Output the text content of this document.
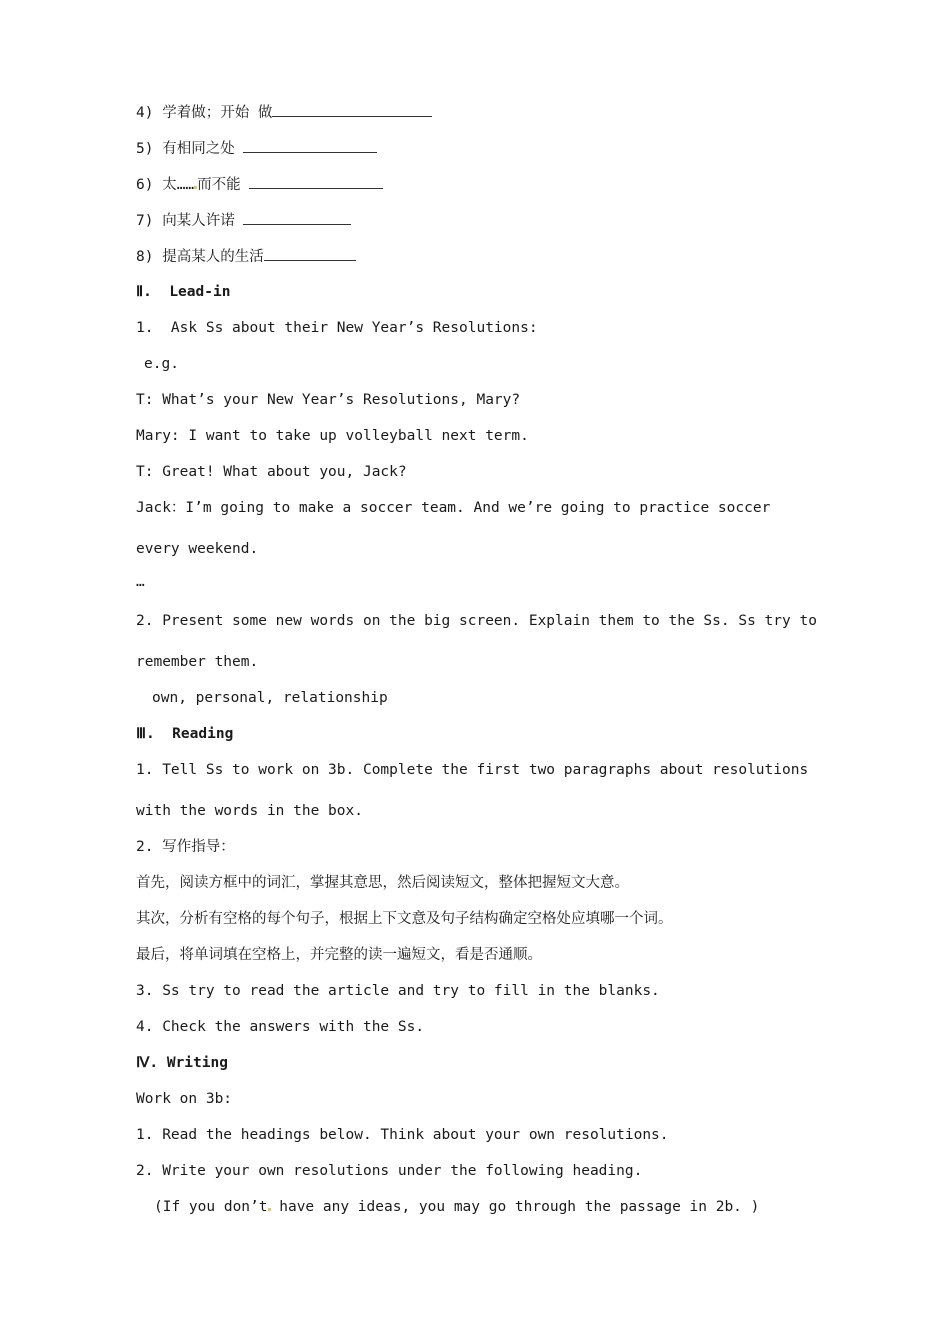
4) 学着做；开始 做
5) 有相同之处
6) 太…… 而不能
7) 向某人许诺
8) 提高某人的生活
Ⅱ.  Lead-in
1.  Ask Ss about their New Year’s Resolutions:
e.g.
T: What’s your New Year’s Resolutions, Mary?
Mary: I want to take up volleyball next term.
T: Great! What about you, Jack?
Jack：I’m going to make a soccer team. And we’re going to practice soccer
every weekend.
…
2. Present some new words on the big screen. Explain them to the Ss. Ss try to
remember them.
own, personal, relationship
Ⅲ.  Reading
1. Tell Ss to work on 3b. Complete the first two paragraphs about resolutions
with the words in the box.
2. 写作指导：
首先，阅读方框中的词汇，掌握其意思，然后阅读短文，整体把握短文大意。
其次，分析有空格的每个句子，根据上下文意及句子结构确定空格处应填哪一个词。
最后，将单词填在空格上，并完整的读一遍短文，看是否通顺。
3. Ss try to read the article and try to fill in the blanks.
4. Check the answers with the Ss.
Ⅳ. Writing
Work on 3b:
1. Read the headings below. Think about your own resolutions.
2. Write your own resolutions under the following heading.
(If you don’t have any ideas, you may go through the passage in 2b. )
